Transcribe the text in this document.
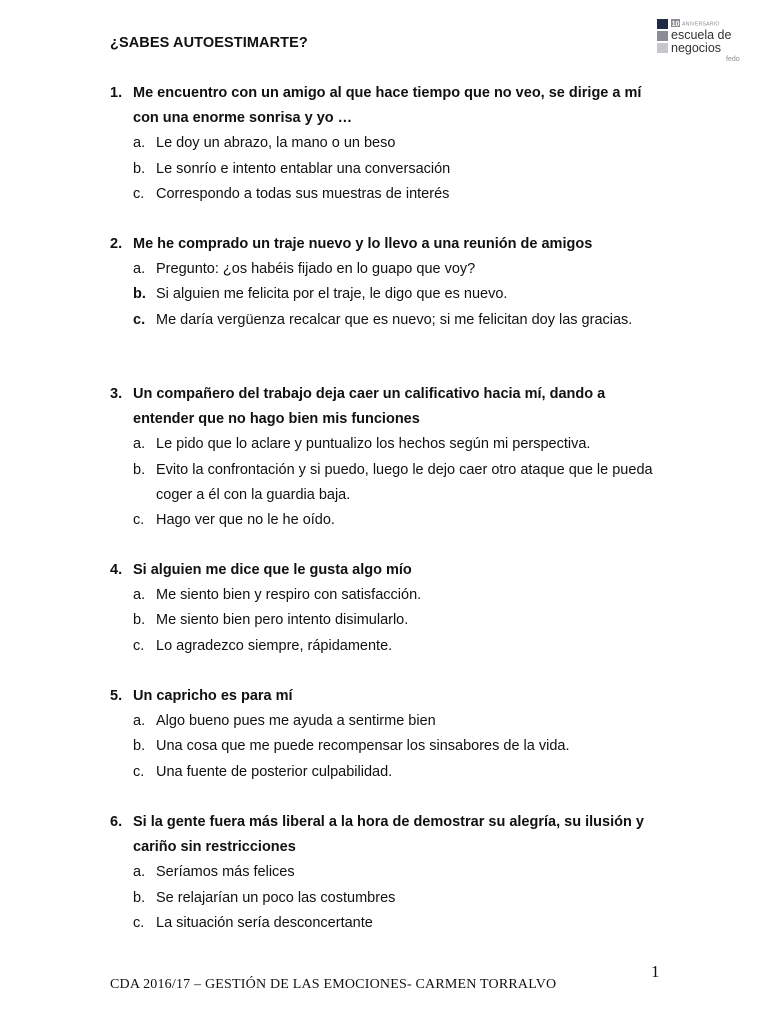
¿SABES AUTOESTIMARTE?
10 ANIVERSARIO
escuela de
negocios
fedo
1. Me encuentro con un amigo al que hace tiempo que no veo, se dirige a mí con una enorme sonrisa y yo …
a. Le doy un abrazo, la mano o un beso
b. Le sonrío e intento entablar una conversación
c. Correspondo a todas sus muestras de interés
2. Me he comprado un traje nuevo y lo llevo a una reunión de amigos
a. Pregunto: ¿os habéis fijado en lo guapo que voy?
b. Si alguien me felicita por el traje, le digo que es nuevo.
c. Me daría vergüenza recalcar que es nuevo; si me felicitan doy las gracias.
3. Un compañero del trabajo deja caer un calificativo hacia mí, dando a entender que no hago bien mis funciones
a. Le pido que lo aclare y puntualizo los hechos según mi perspectiva.
b. Evito la confrontación y si puedo, luego le dejo caer otro ataque que le pueda coger a él con la guardia baja.
c. Hago ver que no le he oído.
4. Si alguien me dice que le gusta algo mío
a. Me siento bien y respiro con satisfacción.
b. Me siento bien pero intento disimularlo.
c. Lo agradezco siempre, rápidamente.
5. Un capricho es para mí
a. Algo bueno pues me ayuda a sentirme bien
b. Una cosa que me puede recompensar los sinsabores de la vida.
c. Una fuente de posterior culpabilidad.
6. Si la gente fuera más liberal a la hora de demostrar su alegría, su ilusión y cariño sin restricciones
a. Seríamos más felices
b. Se relajarían un poco las costumbres
c. La situación sería desconcertante
1
CDA 2016/17 – GESTIÓN DE LAS EMOCIONES- CARMEN TORRALVO
